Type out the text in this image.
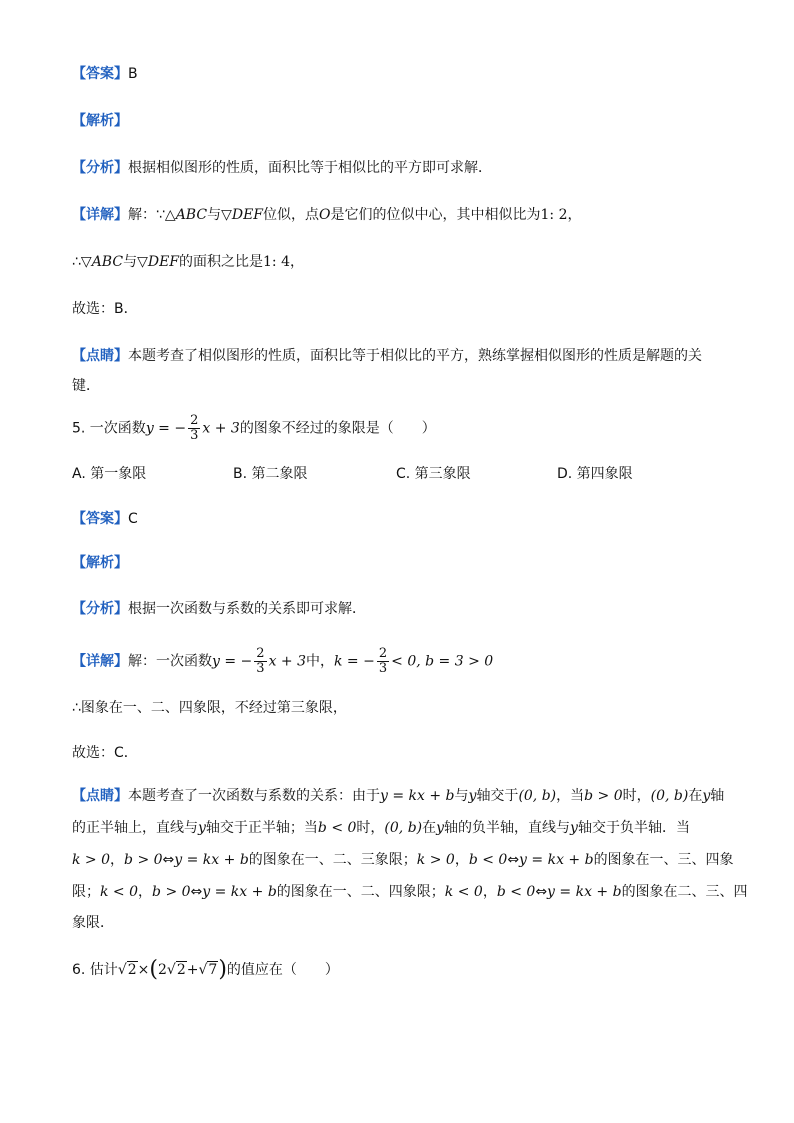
【答案】B
【解析】
【分析】根据相似图形的性质，面积比等于相似比的平方即可求解．
【详解】解：∵△ABC与▽DEF位似，点O是它们的位似中心，其中相似比为1: 2，
∴▽ABC与▽DEF的面积之比是1: 4，
故选：B．
【点睛】本题考查了相似图形的性质，面积比等于相似比的平方，熟练掌握相似图形的性质是解题的关
键．
5. 一次函数y = − $\frac{2}{3}$ x + 3的图象不经过的象限是（　　）
A. 第一象限	B. 第二象限	C. 第三象限	D. 第四象限
【答案】C
【解析】
【分析】根据一次函数与系数的关系即可求解．
【详解】解：一次函数y = − $\frac{2}{3}$ x + 3中，k = − $\frac{2}{3} < 0$, b = 3 > 0
∴图象在一、二、四象限，不经过第三象限，
故选：C．
【点睛】本题考查了一次函数与系数的关系：由于y = kx + b与y轴交于(0, b)，当b > 0时，(0, b)在y轴
的正半轴上，直线与y轴交于正半轴；当b < 0时，(0, b)在y轴的负半轴，直线与y轴交于负半轴．当
k > 0，b > 0⇔y = kx + b的图象在一、二、三象限；k > 0，b < 0⇔y = kx + b的图象在一、三、四象
限；k < 0，b > 0⇔y = kx + b的图象在一、二、四象限；k < 0，b < 0⇔y = kx + b的图象在二、三、四
象限．
6. 估计√2×(2√2+√7)的值应在（　　）
